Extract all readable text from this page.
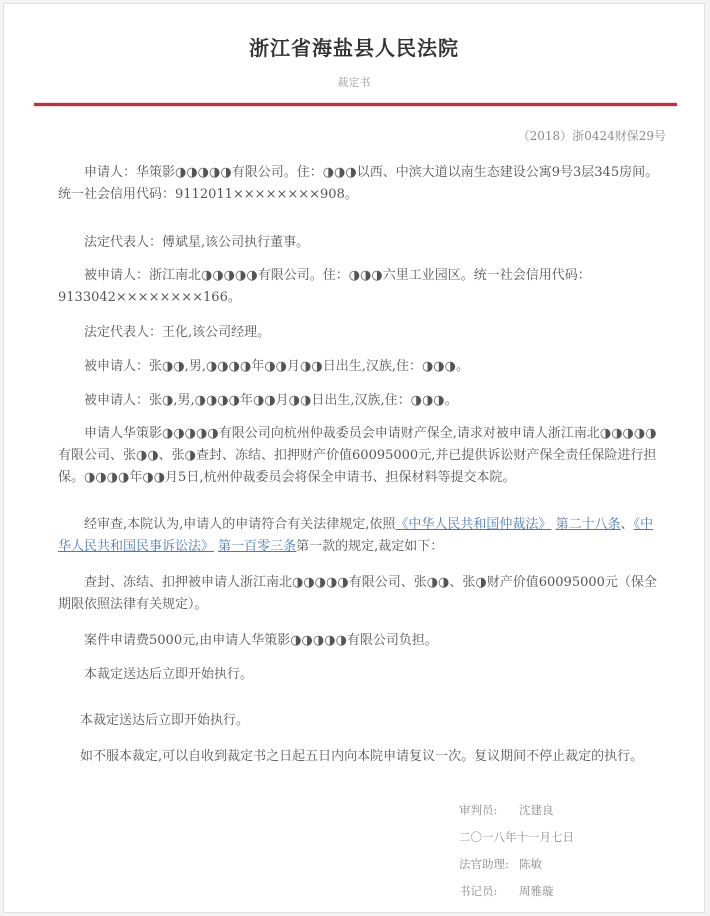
浙江省海盐县人民法院
裁定书
（2018）浙0424财保29号

申请人：华策影◑◑◑◑◑有限公司。住：◑◑◑以西、中滨大道以南生态建设公寓9号3层345房间。统一社会信用代码：9112011××××××××908。

法定代表人：傅斌星,该公司执行董事。

被申请人：浙江南北◑◑◑◑◑有限公司。住：◑◑◑六里工业园区。统一社会信用代码：9133042××××××××166。

法定代表人：王化,该公司经理。

被申请人：张◑◑,男,◑◑◑◑年◑◑月◑◑日出生,汉族,住：◑◑◑。

被申请人：张◑,男,◑◑◑◑年◑◑月◑◑日出生,汉族,住：◑◑◑。

申请人华策影◑◑◑◑◑有限公司向杭州仲裁委员会申请财产保全,请求对被申请人浙江南北◑◑◑◑◑有限公司、张◑◑、张◑查封、冻结、扣押财产价值60095000元,并已提供诉讼财产保全责任保险进行担保。◑◑◑◑年◑◑月5日,杭州仲裁委员会将保全申请书、担保材料等提交本院。

经审查,本院认为,申请人的申请符合有关法律规定,依照《中华人民共和国仲裁法》 第二十八条、《中华人民共和国民事诉讼法》 第一百零三条第一款的规定,裁定如下：

查封、冻结、扣押被申请人浙江南北◑◑◑◑◑有限公司、张◑◑、张◑财产价值60095000元（保全期限依照法律有关规定）。

案件申请费5000元,由申请人华策影◑◑◑◑◑有限公司负担。

本裁定送达后立即开始执行。

本裁定送达后立即开始执行。

如不服本裁定,可以自收到裁定书之日起五日内向本院申请复议一次。复议期间不停止裁定的执行。

审判员: 沈建良
二〇一八年十一月七日
法官助理: 陈敏
书记员: 周雅璇
